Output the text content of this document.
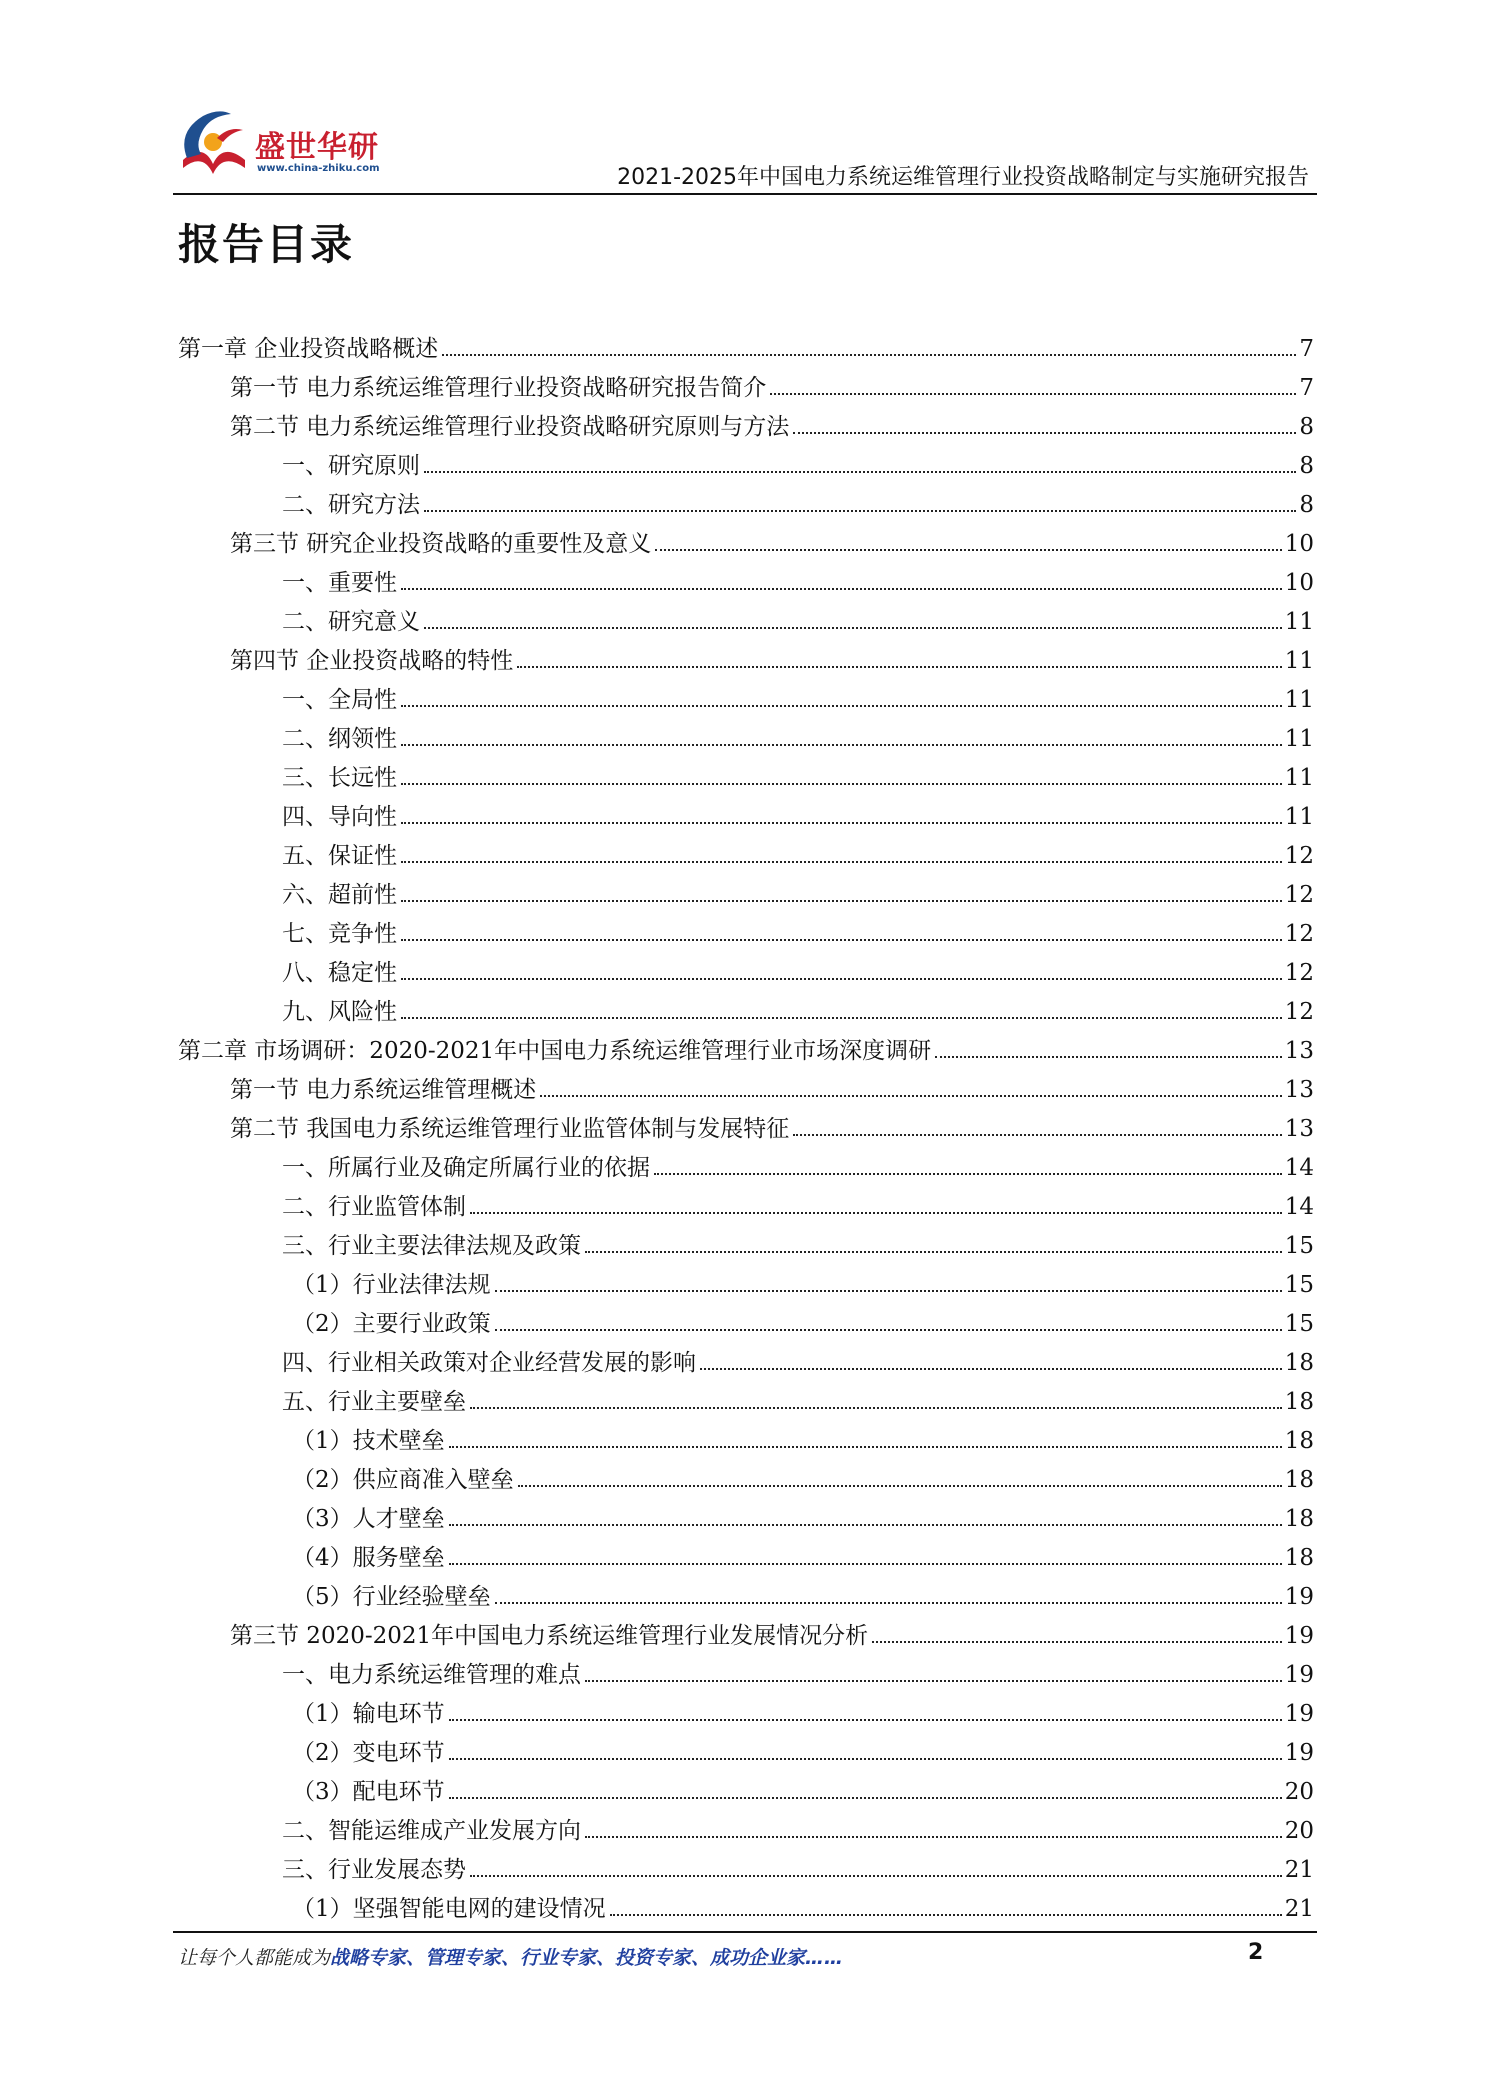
盛世华研
www.china-zhiku.com	2021-2025年中国电力系统运维管理行业投资战略制定与实施研究报告
报告目录
第一章 企业投资战略概述	7
第一节 电力系统运维管理行业投资战略研究报告简介	7
第二节 电力系统运维管理行业投资战略研究原则与方法	8
一、研究原则	8
二、研究方法	8
第三节 研究企业投资战略的重要性及意义	10
一、重要性	10
二、研究意义	11
第四节 企业投资战略的特性	11
一、全局性	11
二、纲领性	11
三、长远性	11
四、导向性	11
五、保证性	12
六、超前性	12
七、竞争性	12
八、稳定性	12
九、风险性	12
第二章 市场调研：2020-2021年中国电力系统运维管理行业市场深度调研	13
第一节 电力系统运维管理概述	13
第二节 我国电力系统运维管理行业监管体制与发展特征	13
一、所属行业及确定所属行业的依据	14
二、行业监管体制	14
三、行业主要法律法规及政策	15
（1）行业法律法规	15
（2）主要行业政策	15
四、行业相关政策对企业经营发展的影响	18
五、行业主要壁垒	18
（1）技术壁垒	18
（2）供应商准入壁垒	18
（3）人才壁垒	18
（4）服务壁垒	18
（5）行业经验壁垒	19
第三节 2020-2021年中国电力系统运维管理行业发展情况分析	19
一、电力系统运维管理的难点	19
（1）输电环节	19
（2）变电环节	19
（3）配电环节	20
二、智能运维成产业发展方向	20
三、行业发展态势	21
（1）坚强智能电网的建设情况	21
让每个人都能成为战略专家、管理专家、行业专家、投资专家、成功企业家……	2
